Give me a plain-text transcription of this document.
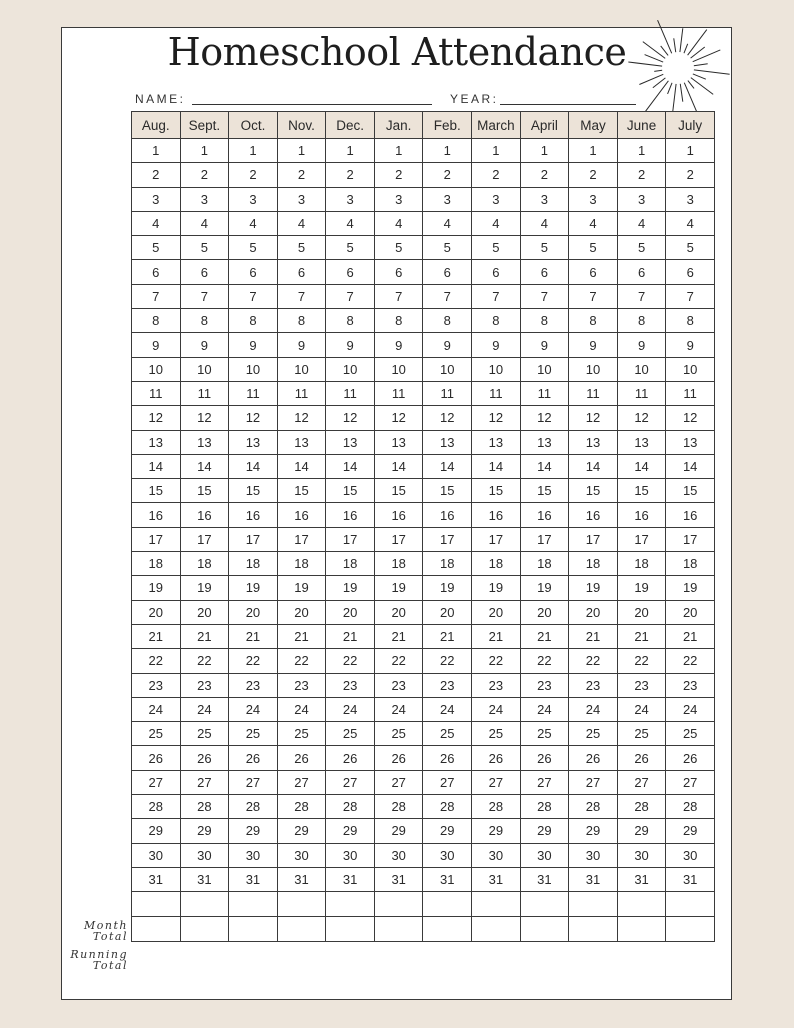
Homeschool Attendance
NAME:	YEAR:
Aug.	Sept.	Oct.	Nov.	Dec.	Jan.	Feb.	March	April	May	June	July
1	1	1	1	1	1	1	1	1	1	1	1
2	2	2	2	2	2	2	2	2	2	2	2
3	3	3	3	3	3	3	3	3	3	3	3
4	4	4	4	4	4	4	4	4	4	4	4
5	5	5	5	5	5	5	5	5	5	5	5
6	6	6	6	6	6	6	6	6	6	6	6
7	7	7	7	7	7	7	7	7	7	7	7
8	8	8	8	8	8	8	8	8	8	8	8
9	9	9	9	9	9	9	9	9	9	9	9
10	10	10	10	10	10	10	10	10	10	10	10
11	11	11	11	11	11	11	11	11	11	11	11
12	12	12	12	12	12	12	12	12	12	12	12
13	13	13	13	13	13	13	13	13	13	13	13
14	14	14	14	14	14	14	14	14	14	14	14
15	15	15	15	15	15	15	15	15	15	15	15
16	16	16	16	16	16	16	16	16	16	16	16
17	17	17	17	17	17	17	17	17	17	17	17
18	18	18	18	18	18	18	18	18	18	18	18
19	19	19	19	19	19	19	19	19	19	19	19
20	20	20	20	20	20	20	20	20	20	20	20
21	21	21	21	21	21	21	21	21	21	21	21
22	22	22	22	22	22	22	22	22	22	22	22
23	23	23	23	23	23	23	23	23	23	23	23
24	24	24	24	24	24	24	24	24	24	24	24
25	25	25	25	25	25	25	25	25	25	25	25
26	26	26	26	26	26	26	26	26	26	26	26
27	27	27	27	27	27	27	27	27	27	27	27
28	28	28	28	28	28	28	28	28	28	28	28
29	29	29	29	29	29	29	29	29	29	29	29
30	30	30	30	30	30	30	30	30	30	30	30
31	31	31	31	31	31	31	31	31	31	31	31

Month
Total
Running
Total
